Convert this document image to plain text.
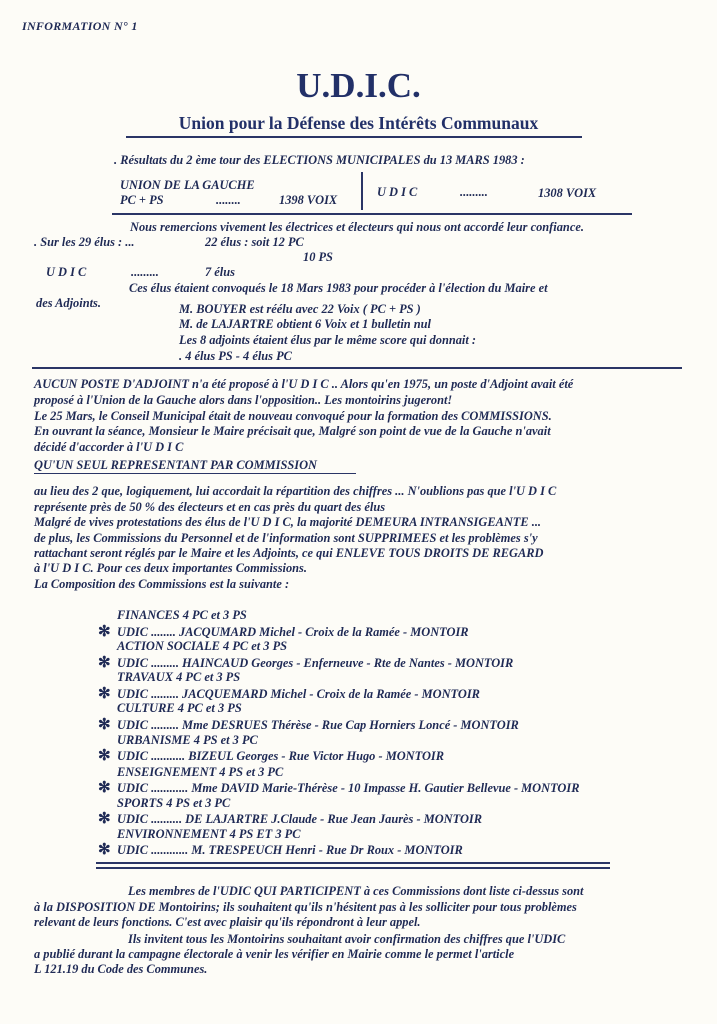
INFORMATION N° 1
U.D.I.C.
Union pour la Défense des Intérêts Communaux
. Résultats du 2 ème tour des ELECTIONS MUNICIPALES du 13 MARS 1983 :
UNION DE LA GAUCHE
PC + PS	........	1398 VOIX
U D I C	.........	1308 VOIX
Nous remercions vivement les électrices et électeurs qui nous ont accordé leur confiance.
. Sur les 29 élus : ...	22 élus : soit 12 PC
10 PS
U D I C	.........	7 élus
Ces élus étaient convoqués le 18 Mars 1983 pour procéder à l'élection du Maire et
des Adjoints.	M. BOUYER est réélu avec 22 Voix ( PC + PS )
M. de LAJARTRE obtient 6 Voix et 1 bulletin nul
Les 8 adjoints étaient élus par le même score qui donnait :
. 4 élus PS - 4 élus PC
AUCUN POSTE D'ADJOINT n'a été proposé à l'U D I C .. Alors qu'en 1975, un poste d'Adjoint avait été
proposé à l'Union de la Gauche alors dans l'opposition.. Les montoirins jugeront!
Le 25 Mars, le Conseil Municipal était de nouveau convoqué pour la formation des COMMISSIONS.
En ouvrant la séance, Monsieur le Maire précisait que, Malgré son point de vue de la Gauche n'avait
décidé d'accorder à l'U D I C
QU'UN SEUL REPRESENTANT PAR COMMISSION
au lieu des 2 que, logiquement, lui accordait la répartition des chiffres ... N'oublions pas que l'U D I C
représente près de 50 % des électeurs et en cas près du quart des élus
Malgré de vives protestations des élus de l'U D I C, la majorité DEMEURA INTRANSIGEANTE ...
de plus, les Commissions du Personnel et de l'information sont SUPPRIMEES et les problèmes s'y
rattachant seront réglés par le Maire et les Adjoints, ce qui ENLEVE TOUS DROITS DE REGARD
à l'U D I C. Pour ces deux importantes Commissions.
La Composition des Commissions est la suivante :
FINANCES 4 PC et 3 PS
✻ UDIC ........ JACQUMARD Michel - Croix de la Ramée - MONTOIR
ACTION SOCIALE 4 PC et 3 PS
✻ UDIC ......... HAINCAUD Georges - Enferneuve - Rte de Nantes - MONTOIR
TRAVAUX 4 PC et 3 PS
✻ UDIC ......... JACQUEMARD Michel - Croix de la Ramée - MONTOIR
CULTURE 4 PC et 3 PS
✻ UDIC ......... Mme DESRUES Thérèse - Rue Cap Horniers Loncé - MONTOIR
URBANISME 4 PS et 3 PC
✻ UDIC ........... BIZEUL Georges - Rue Victor Hugo - MONTOIR
ENSEIGNEMENT 4 PS et 3 PC
✻ UDIC ............ Mme DAVID Marie-Thérèse - 10 Impasse H. Gautier Bellevue - MONTOIR
SPORTS 4 PS et 3 PC
✻ UDIC .......... DE LAJARTRE J.Claude - Rue Jean Jaurès - MONTOIR
ENVIRONNEMENT 4 PS ET 3 PC
✻ UDIC ............ M. TRESPEUCH Henri - Rue Dr Roux - MONTOIR
Les membres de l'UDIC QUI PARTICIPENT à ces Commissions dont liste ci-dessus sont
à la DISPOSITION DE Montoirins; ils souhaitent qu'ils n'hésitent pas à les solliciter pour tous problèmes
relevant de leurs fonctions. C'est avec plaisir qu'ils répondront à leur appel.
Ils invitent tous les Montoirins souhaitant avoir confirmation des chiffres que l'UDIC
a publié durant la campagne électorale à venir les vérifier en Mairie comme le permet l'article
L 121.19 du Code des Communes.
